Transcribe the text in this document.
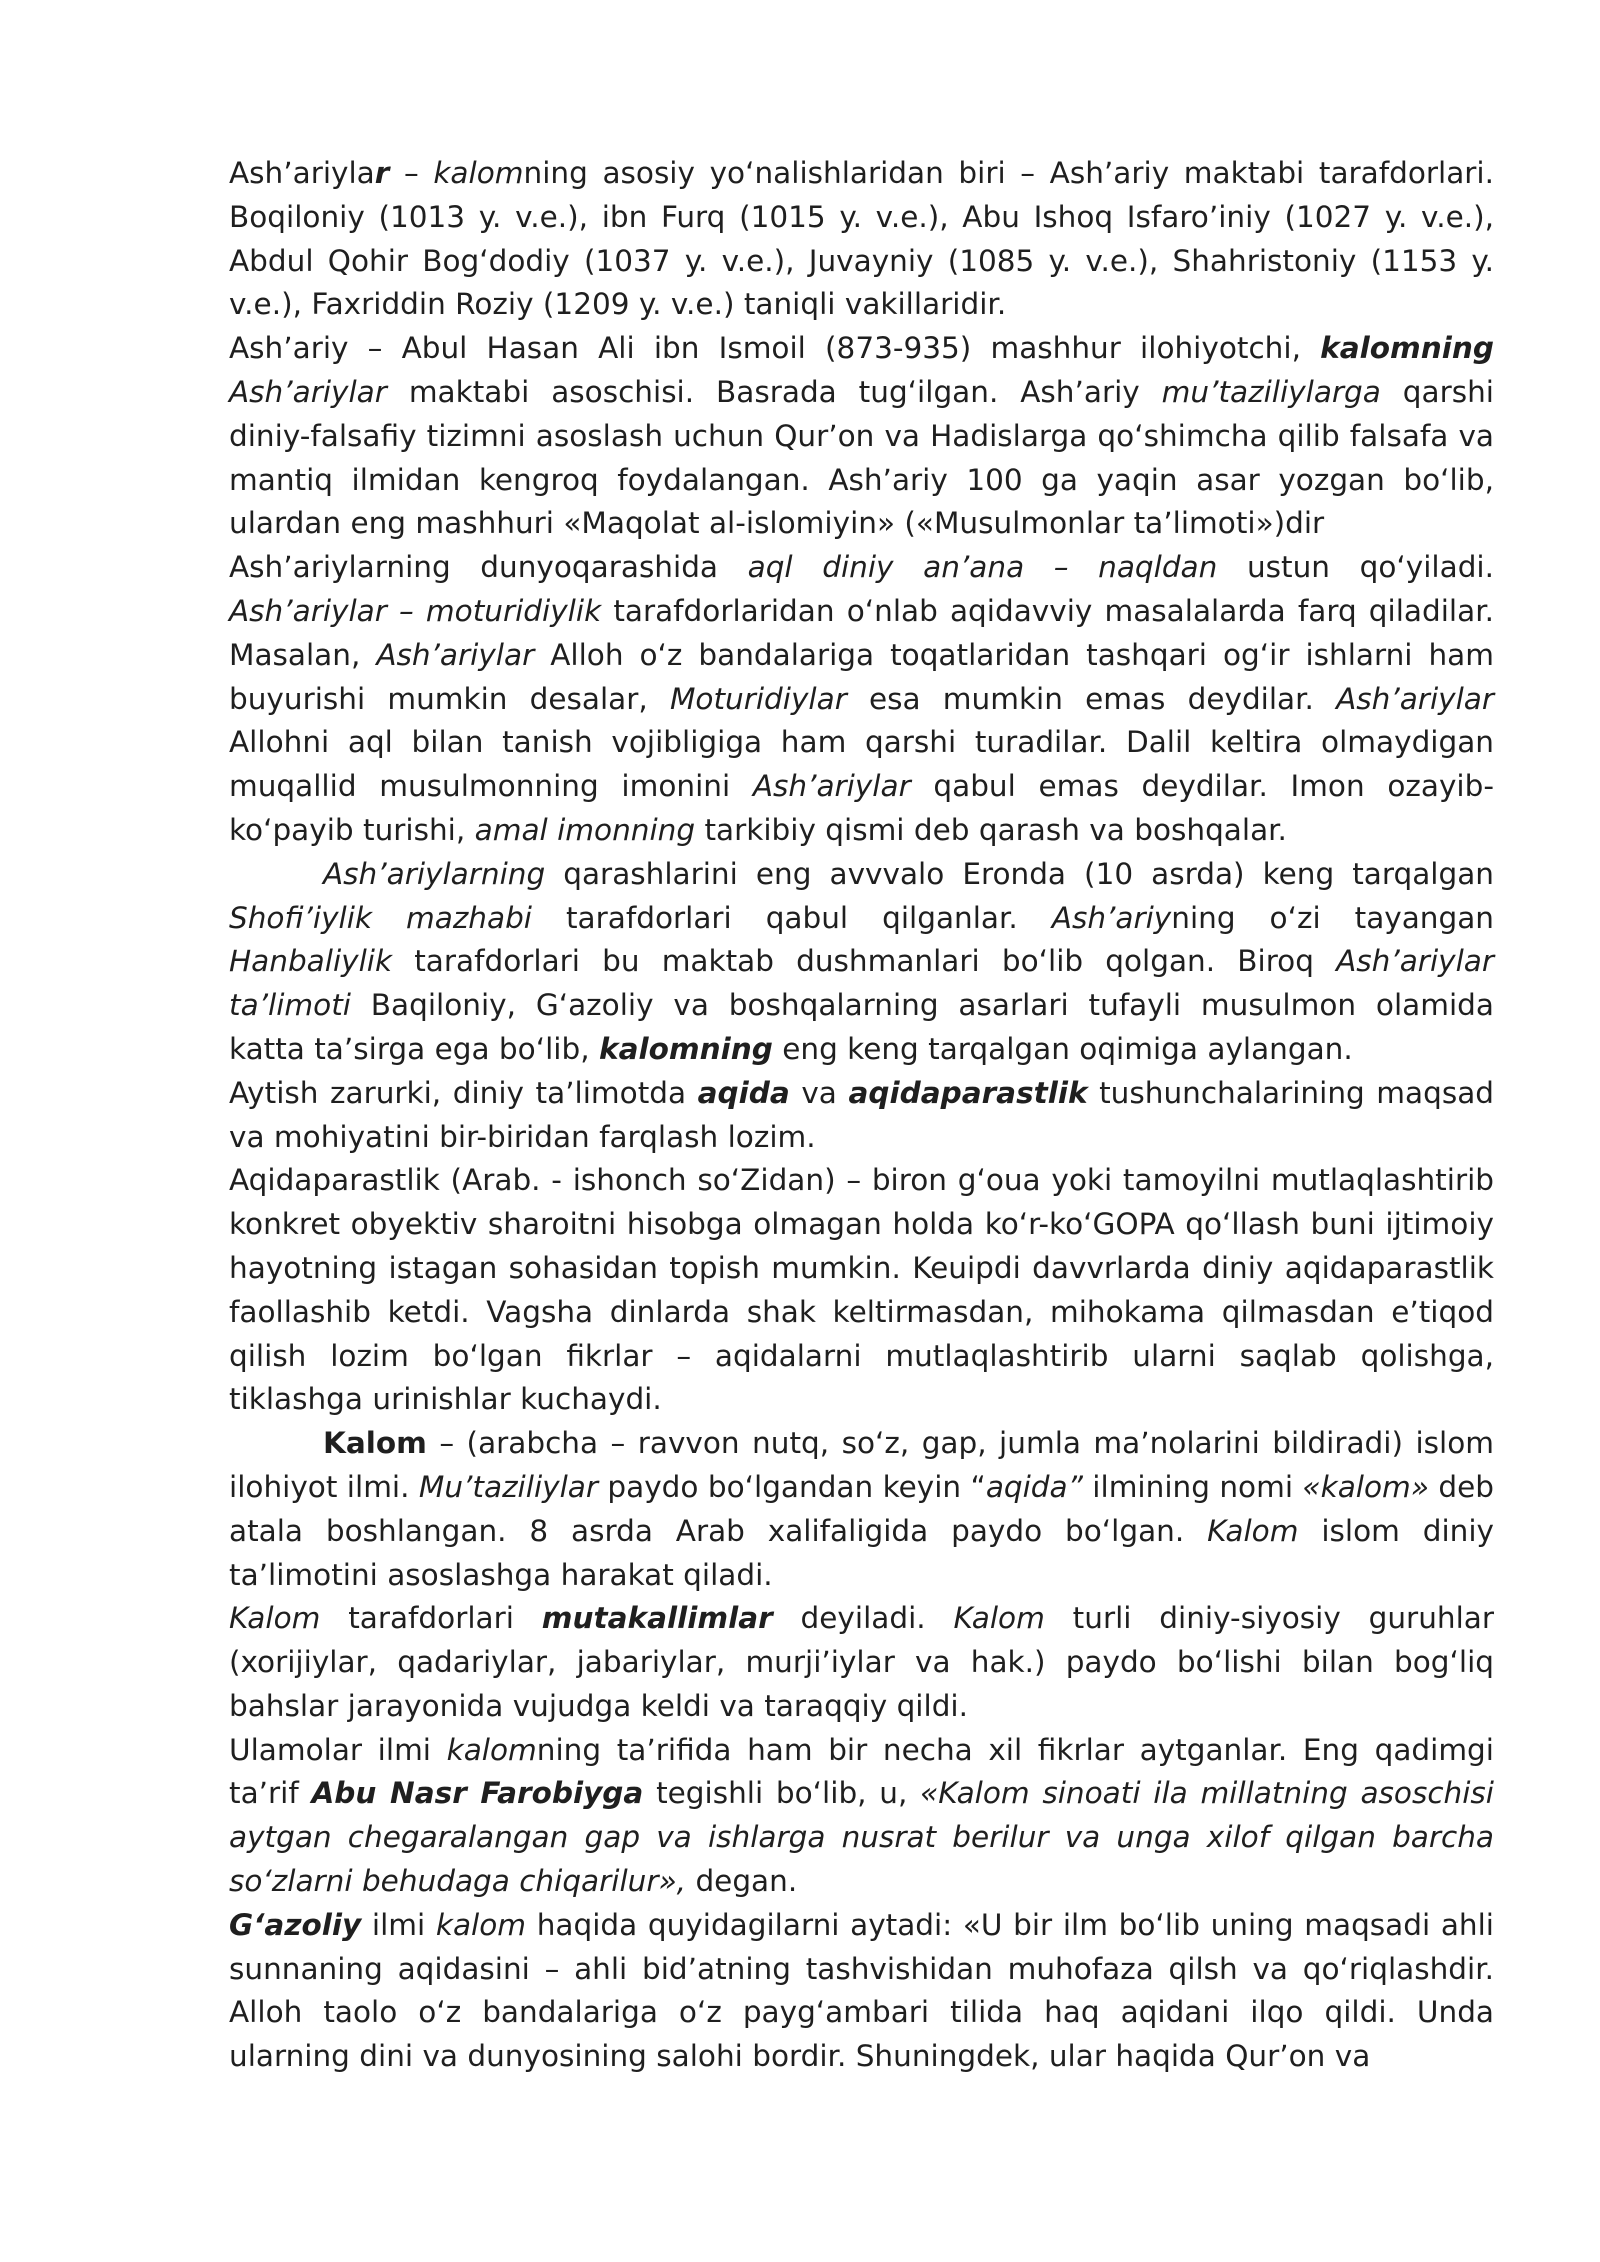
Ash’ariylar – kalomning asosiy yo‘nalishlaridan biri – Ash’ariy maktabi tarafdorlari. Boqiloniy (1013 y. v.e.), ibn Furq (1015 y. v.e.), Abu Ishoq Isfaro’iniy (1027 y. v.e.), Abdul Qohir Bog‘dodiy (1037 y. v.e.), Juvayniy (1085 y. v.e.), Shahristoniy (1153 y. v.e.), Faxriddin Roziy (1209 y. v.e.) taniqli vakillaridir.

Ash’ariy – Abul Hasan Ali ibn Ismoil (873-935) mashhur ilohiyotchi, kalomning Ash’ariylar maktabi asoschisi. Basrada tug‘ilgan. Ash’ariy mu’taziliylarga qarshi diniy-falsafiy tizimni asoslash uchun Qur’on va Hadislarga qo‘shimcha qilib falsafa va mantiq ilmidan kengroq foydalangan. Ash’ariy 100 ga yaqin asar yozgan bo‘lib, ulardan eng mashhuri «Maqolat al-islomiyin» («Musulmonlar ta’limoti»)dir

Ash’ariylarning dunyoqarashida aql diniy an’ana – naqldan ustun qo‘yiladi. Ash’ariylar – moturidiylik tarafdorlaridan o‘nlab aqidavviy masalalarda farq qiladilar. Masalan, Ash’ariylar Alloh o‘z bandalariga toqatlaridan tashqari og‘ir ishlarni ham buyurishi mumkin desalar, Moturidiylar esa mumkin emas deydilar. Ash’ariylar Allohni aql bilan tanish vojibligiga ham qarshi turadilar. Dalil keltira olmaydigan muqallid musulmonning imonini Ash’ariylar qabul emas deydilar. Imon ozayib-ko‘payib turishi, amal imonning tarkibiy qismi deb qarash va boshqalar.

Ash’ariylarning qarashlarini eng avvvalo Eronda (10 asrda) keng tarqalgan Shofi’iylik mazhabi tarafdorlari qabul qilganlar. Ash’ariyning o‘zi tayangan Hanbaliylik tarafdorlari bu maktab dushmanlari bo‘lib qolgan. Biroq Ash’ariylar ta’limoti Baqiloniy, G‘azoliy va boshqalarning asarlari tufayli musulmon olamida katta ta’sirga ega bo‘lib, kalomning eng keng tarqalgan oqimiga aylangan.

Aytish zarurki, diniy ta’limotda aqida va aqidaparastlik tushunchalarining maqsad va mohiyatini bir-biridan farqlash lozim.

Aqidaparastlik (Arab. - ishonch so‘Zidan) – biron g‘oua yoki tamoyilni mutlaqlashtirib konkret obyektiv sharoitni hisobga olmagan holda ko‘r-ko‘GOPA qo‘llash buni ijtimoiy hayotning istagan sohasidan topish mumkin. Keuipdi davvrlarda diniy aqidaparastlik faollashib ketdi. Vagsha dinlarda shak keltirmasdan, mihokama qilmasdan e’tiqod qilish lozim bo‘lgan fikrlar – aqidalarni mutlaqlashtirib ularni saqlab qolishga, tiklashga urinishlar kuchaydi.

Kalom – (arabcha – ravvon nutq, so‘z, gap, jumla ma’nolarini bildiradi) islom ilohiyot ilmi. Mu’taziliylar paydo bo‘lgandan keyin “aqida” ilmining nomi «kalom» deb atala boshlangan. 8 asrda Arab xalifaligida paydo bo‘lgan. Kalom islom diniy ta’limotini asoslashga harakat qiladi.

Kalom tarafdorlari mutakallimlar deyiladi. Kalom turli diniy-siyosiy guruhlar (xorijiylar, qadariylar, jabariylar, murji’iylar va hak.) paydo bo‘lishi bilan bog‘liq bahslar jarayonida vujudga keldi va taraqqiy qildi.

Ulamolar ilmi kalomning ta’rifida ham bir necha xil fikrlar aytganlar. Eng qadimgi ta’rif Abu Nasr Farobiyga tegishli bo‘lib, u, «Kalom sinoati ila millatning asoschisi aytgan chegaralangan gap va ishlarga nusrat berilur va unga xilof qilgan barcha so‘zlarni behudaga chiqarilur», degan.

G‘azoliy ilmi kalom haqida quyidagilarni aytadi: «U bir ilm bo‘lib uning maqsadi ahli sunnaning aqidasini – ahli bid’atning tashvishidan muhofaza qilsh va qo‘riqlashdir. Alloh taolo o‘z bandalariga o‘z payg‘ambari tilida haq aqidani ilqo qildi. Unda ularning dini va dunyosining salohi bordir. Shuningdek, ular haqida Qur’on va
